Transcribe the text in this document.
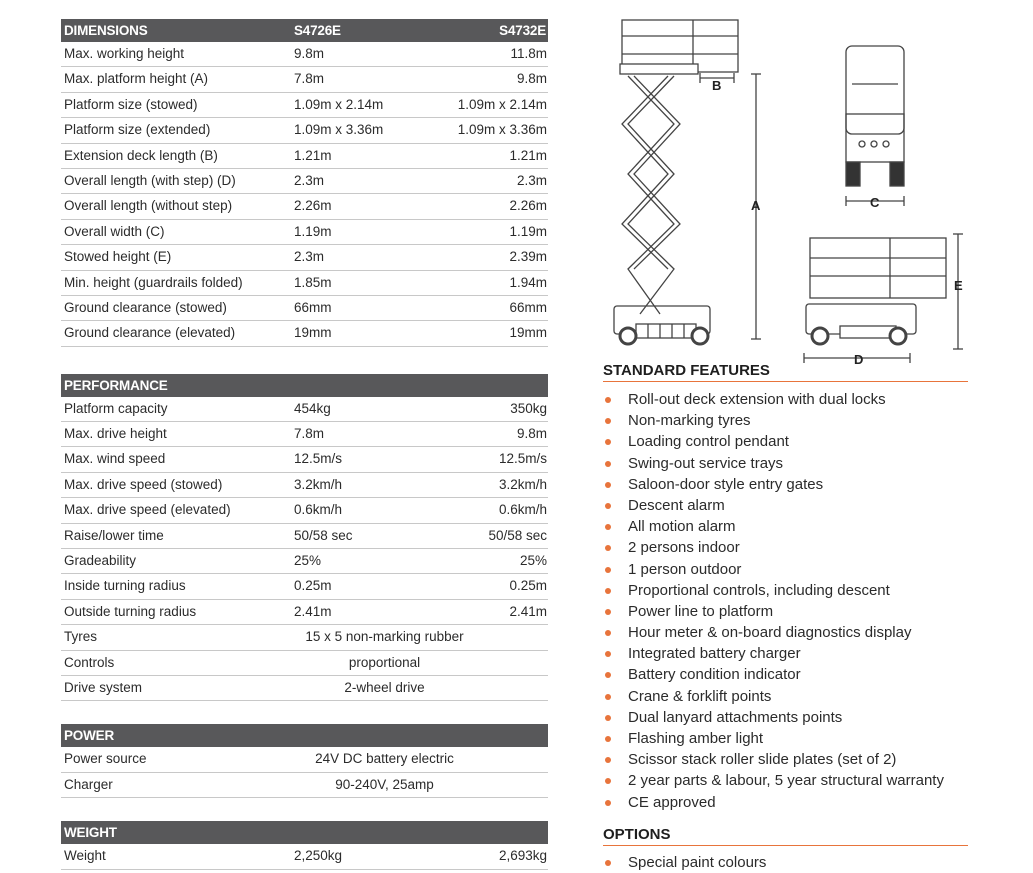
DIMENSIONS	S4726E	S4732E
Max. working height	9.8m	11.8m
Max. platform height (A)	7.8m	9.8m
Platform size (stowed)	1.09m x 2.14m	1.09m x 2.14m
Platform size (extended)	1.09m x 3.36m	1.09m x 3.36m
Extension deck length (B)	1.21m	1.21m
Overall length (with step) (D)	2.3m	2.3m
Overall length (without step)	2.26m	2.26m
Overall width (C)	1.19m	1.19m
Stowed height (E)	2.3m	2.39m
Min. height (guardrails folded)	1.85m	1.94m
Ground clearance (stowed)	66mm	66mm
Ground clearance (elevated)	19mm	19mm
PERFORMANCE
Platform capacity	454kg	350kg
Max. drive height	7.8m	9.8m
Max. wind speed	12.5m/s	12.5m/s
Max. drive speed (stowed)	3.2km/h	3.2km/h
Max. drive speed (elevated)	0.6km/h	0.6km/h
Raise/lower time	50/58 sec	50/58 sec
Gradeability	25%	25%
Inside turning radius	0.25m	0.25m
Outside turning radius	2.41m	2.41m
Tyres	15 x 5 non-marking rubber
Controls	proportional
Drive system	2-wheel drive
POWER
Power source	24V DC battery electric
Charger	90-240V, 25amp
WEIGHT
Weight	2,250kg	2,693kg
B
A	C
D
E
STANDARD FEATURES
Roll-out deck extension with dual locks
Non-marking tyres
Loading control pendant
Swing-out service trays
Saloon-door style entry gates
Descent alarm
All motion alarm
2 persons indoor
1 person outdoor
Proportional controls, including descent
Power line to platform
Hour meter & on-board diagnostics display
Integrated battery charger
Battery condition indicator
Crane & forklift points
Dual lanyard attachments points
Flashing amber light
Scissor stack roller slide plates (set of 2)
2 year parts & labour, 5 year structural warranty
CE approved
OPTIONS
Special paint colours
